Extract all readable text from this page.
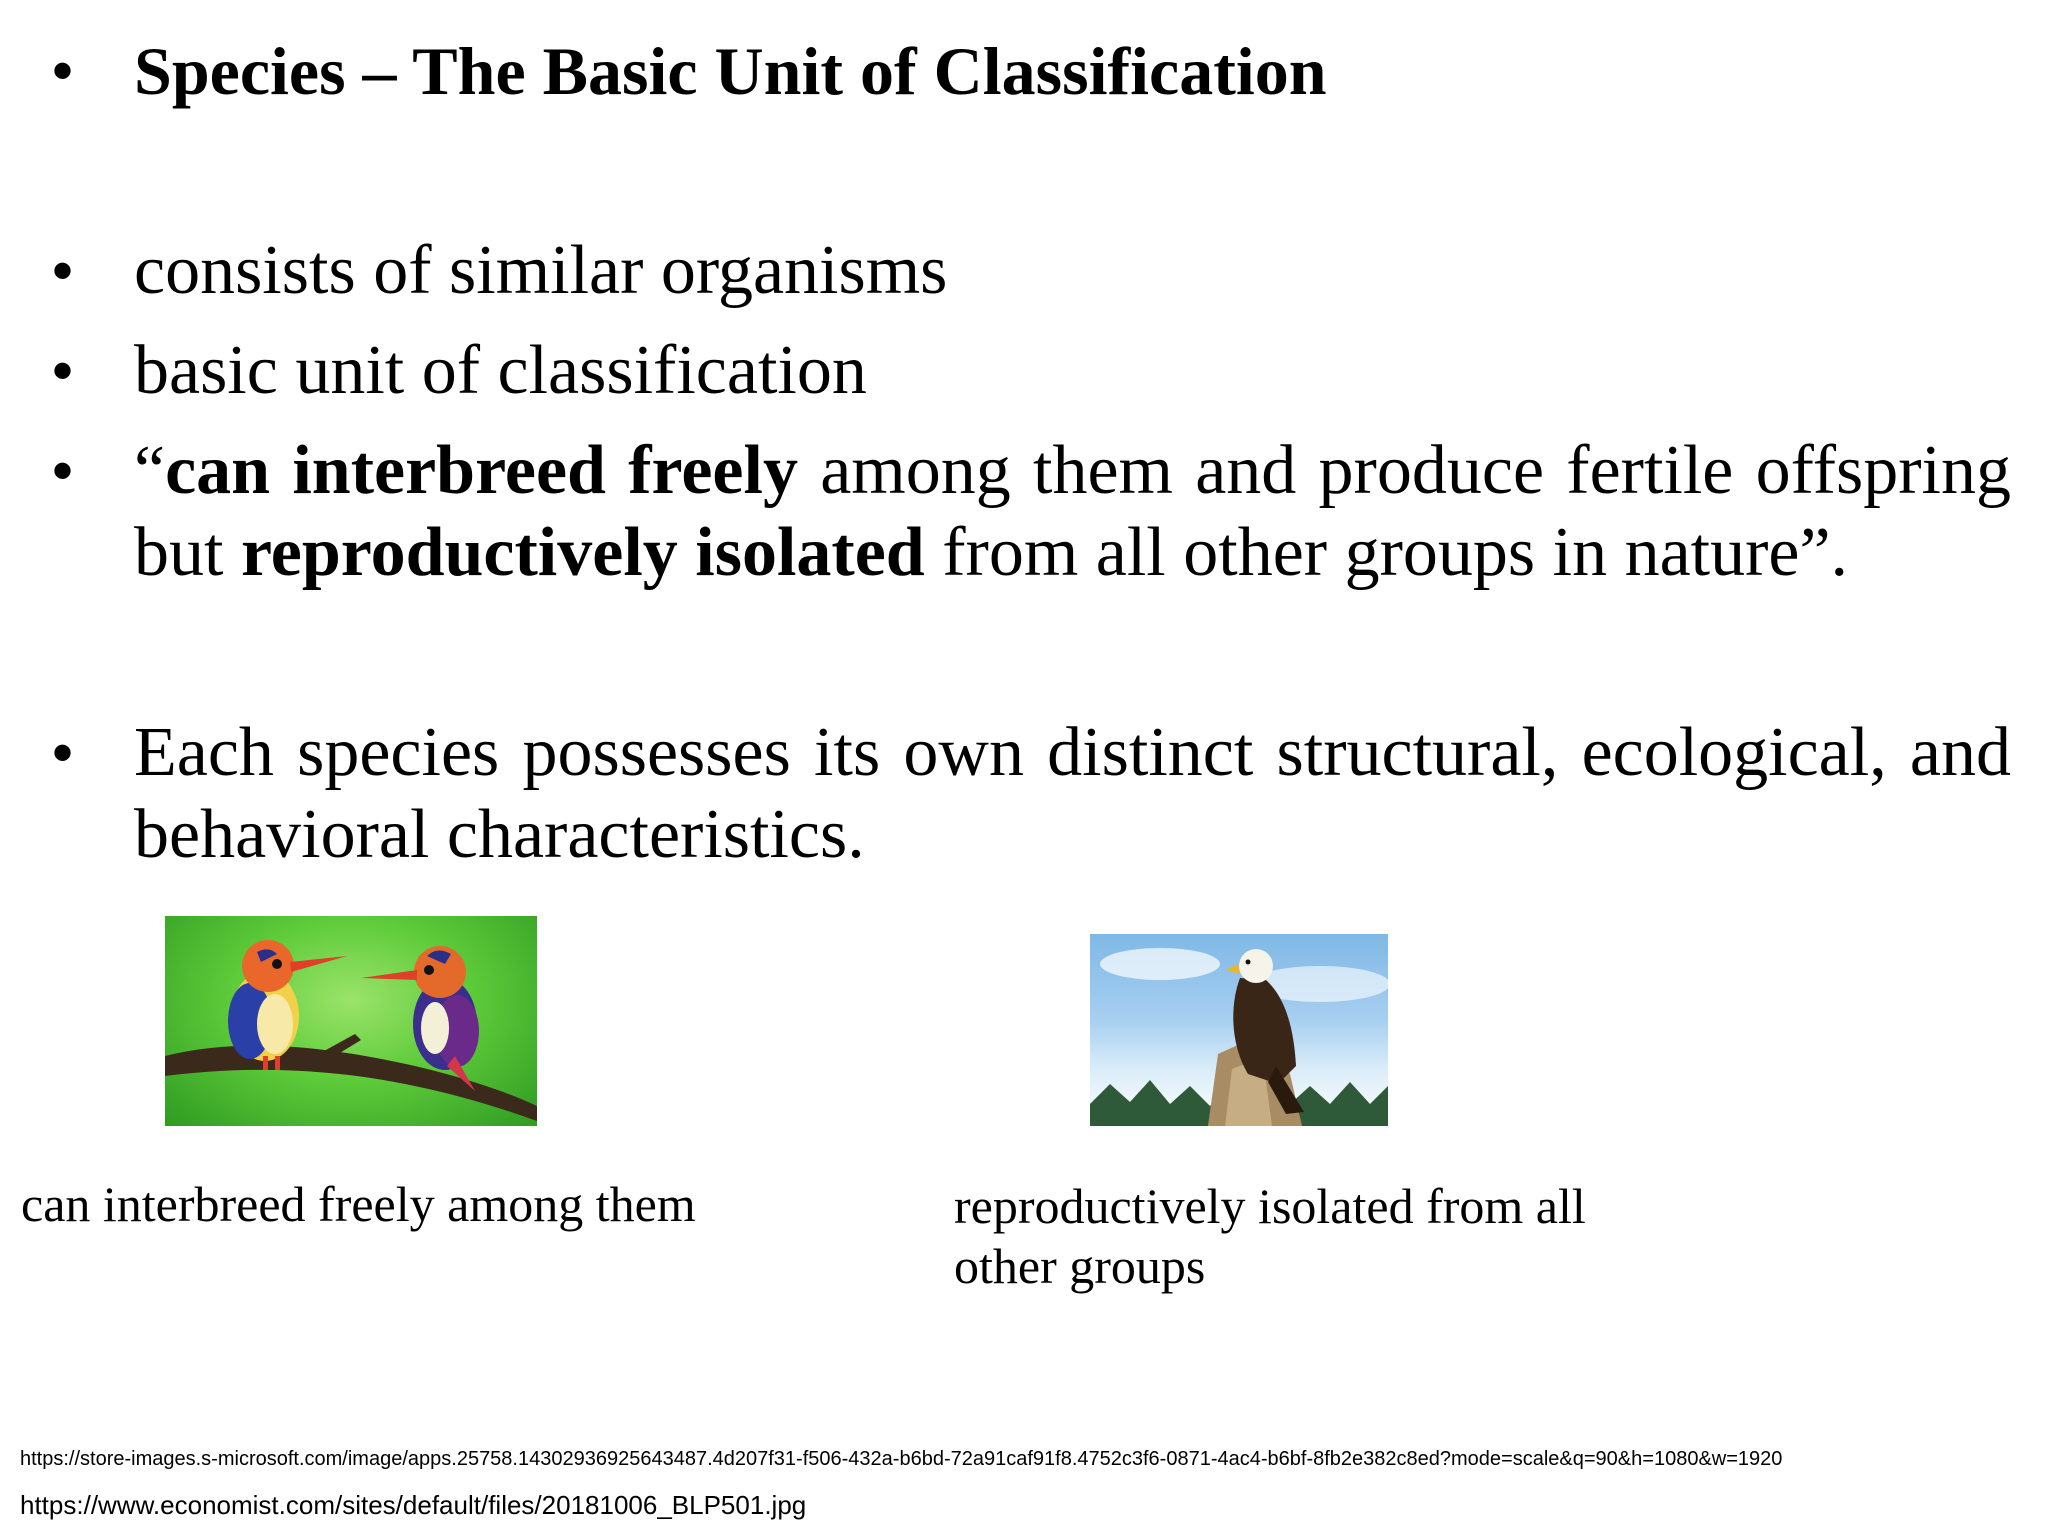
• Species – The Basic Unit of Classification
• consists of similar organisms
• basic unit of classification
• “can interbreed freely among them and produce fertile offspring but reproductively isolated from all other groups in nature”.
• Each species possesses its own distinct structural, ecological, and behavioral characteristics.
can interbreed freely among them	reproductively isolated from all
other groups
https://store-images.s-microsoft.com/image/apps.25758.14302936925643487.4d207f31-f506-432a-b6bd-72a91caf91f8.4752c3f6-0871-4ac4-b6bf-8fb2e382c8ed?mode=scale&q=90&h=1080&w=1920
https://www.economist.com/sites/default/files/20181006_BLP501.jpg
